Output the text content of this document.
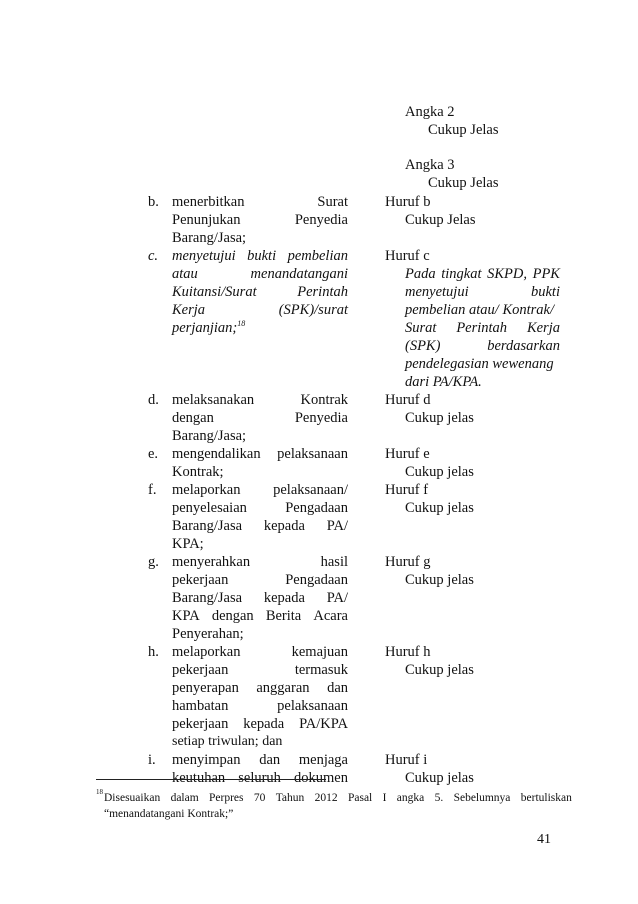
Angka 2
Cukup Jelas
Angka 3
Cukup Jelas
b. menerbitkan	Surat
Penunjukan	Penyedia
Barang/Jasa;
Huruf b
Cukup Jelas
c. menyetujui bukti pembelian
atau	menandatangani
Kuitansi/Surat	Perintah
Kerja	(SPK)/surat
perjanjian;$^{18}$
Huruf c
Pada tingkat SKPD, PPK
menyetujui	bukti
pembelian atau/ Kontrak/
Surat Perintah Kerja
(SPK)	berdasarkan
pendelegasian wewenang
dari PA/KPA.
d. melaksanakan	Kontrak
dengan	Penyedia
Barang/Jasa;
Huruf d
Cukup jelas
e. mengendalikan pelaksanaan
Kontrak;
Huruf e
Cukup jelas
f.	melaporkan pelaksanaan/
penyelesaian	Pengadaan
Barang/Jasa kepada PA/
KPA;
Huruf f
Cukup jelas
g. menyerahkan	hasil
pekerjaan	Pengadaan
Barang/Jasa kepada PA/
KPA dengan Berita Acara
Penyerahan;
Huruf g
Cukup jelas
h. melaporkan	kemajuan
pekerjaan	termasuk
penyerapan anggaran dan
hambatan	pelaksanaan
pekerjaan kepada PA/KPA
setiap triwulan; dan
Huruf h
Cukup jelas
i.	menyimpan dan menjaga
keutuhan seluruh dokumen
Huruf i
Cukup jelas
18 Disesuaikan dalam Perpres 70 Tahun 2012 Pasal I angka 5. Sebelumnya bertuliskan
“menandatangani Kontrak;”
41
